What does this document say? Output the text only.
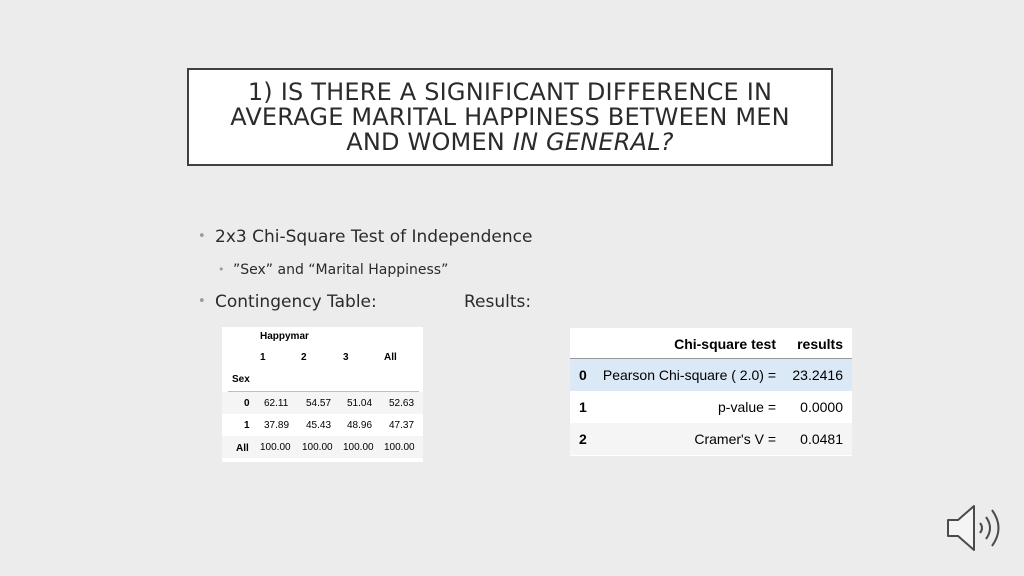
1) IS THERE A SIGNIFICANT DIFFERENCE IN
AVERAGE MARITAL HAPPINESS BETWEEN MEN
AND WOMEN IN GENERAL?
• 2x3 Chi-Square Test of Independence
• ”Sex” and “Marital Happiness”
• Contingency Table:	Results:
Happymar
1	2	3	All
Sex
0 62.11 54.57 51.04 52.63
1 37.89 45.43 48.96 47.37
All 100.00 100.00 100.00 100.00
Chi-square test results
0 Pearson Chi-square ( 2.0) = 23.2416
1	p-value = 0.0000
2	Cramer's V = 0.0481
